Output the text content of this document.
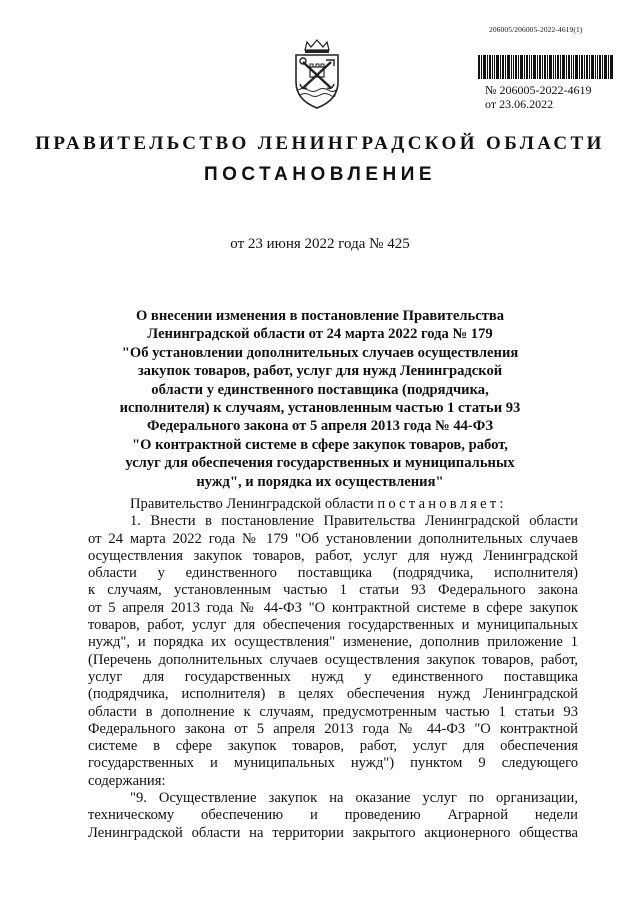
206005/206005-2022-4619(1)
№ 206005-2022-4619
от 23.06.2022
ПРАВИТЕЛЬСТВО ЛЕНИНГРАДСКОЙ ОБЛАСТИ
ПОСТАНОВЛЕНИЕ
от 23 июня 2022 года № 425
О внесении изменения в постановление Правительства
Ленинградской области от 24 марта 2022 года № 179
"Об установлении дополнительных случаев осуществления
закупок товаров, работ, услуг для нужд Ленинградской
области у единственного поставщика (подрядчика,
исполнителя) к случаям, установленным частью 1 статьи 93
Федерального закона от 5 апреля 2013 года № 44-ФЗ
"О контрактной системе в сфере закупок товаров, работ,
услуг для обеспечения государственных и муниципальных
нужд", и порядка их осуществления"
Правительство Ленинградской области постановляет:
1. Внести в постановление Правительства Ленинградской области
от 24 марта 2022 года № 179 "Об установлении дополнительных случаев
осуществления закупок товаров, работ, услуг для нужд Ленинградской
области у единственного поставщика (подрядчика, исполнителя)
к случаям, установленным частью 1 статьи 93 Федерального закона
от 5 апреля 2013 года № 44-ФЗ "О контрактной системе в сфере закупок
товаров, работ, услуг для обеспечения государственных и муниципальных
нужд", и порядка их осуществления" изменение, дополнив приложение 1
(Перечень дополнительных случаев осуществления закупок товаров, работ,
услуг для государственных нужд у единственного поставщика
(подрядчика, исполнителя) в целях обеспечения нужд Ленинградской
области в дополнение к случаям, предусмотренным частью 1 статьи 93
Федерального закона от 5 апреля 2013 года № 44-ФЗ "О контрактной
системе в сфере закупок товаров, работ, услуг для обеспечения
государственных и муниципальных нужд") пунктом 9 следующего
содержания:
"9. Осуществление закупок на оказание услуг по организации,
техническому обеспечению и проведению Аграрной недели
Ленинградской области на территории закрытого акционерного общества
